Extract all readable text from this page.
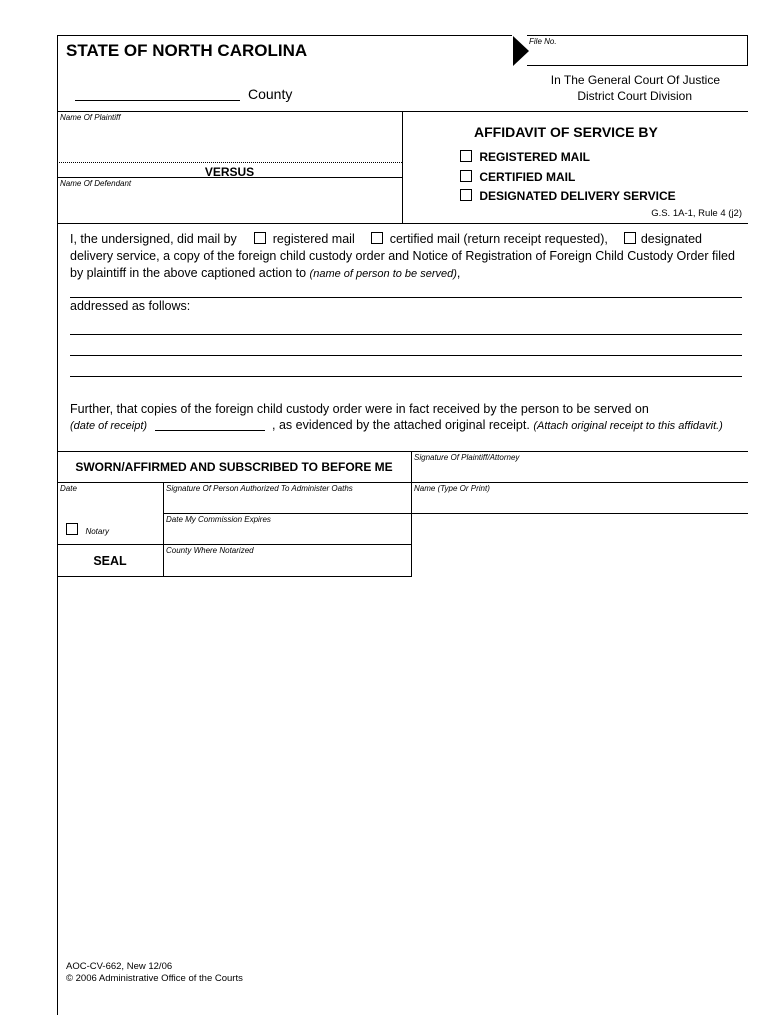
File No.
STATE OF NORTH CAROLINA
County
In The General Court Of Justice
District Court Division
Name Of Plaintiff
VERSUS
Name Of Defendant
AFFIDAVIT OF SERVICE BY
REGISTERED MAIL
CERTIFIED MAIL
DESIGNATED DELIVERY SERVICE
G.S. 1A-1, Rule 4 (j2)
I, the undersigned, did mail by	registered mail	certified mail (return receipt requested),	designated
delivery service, a copy of the foreign child custody order and Notice of Registration of Foreign Child Custody Order filed
by plaintiff in the above captioned action to (name of person to be served),
addressed as follows:
Further, that copies of the foreign child custody order were in fact received by the person to be served on
(date of receipt)	, as evidenced by the attached original receipt. (Attach original receipt to this affidavit.)
SWORN/AFFIRMED AND SUBSCRIBED TO BEFORE ME
Signature Of Plaintiff/Attorney
Date	Signature Of Person Authorized To Administer Oaths	Name (Type Or Print)
Notary
Date My Commission Expires
County Where Notarized
SEAL
AOC-CV-662, New 12/06
© 2006 Administrative Office of the Courts
